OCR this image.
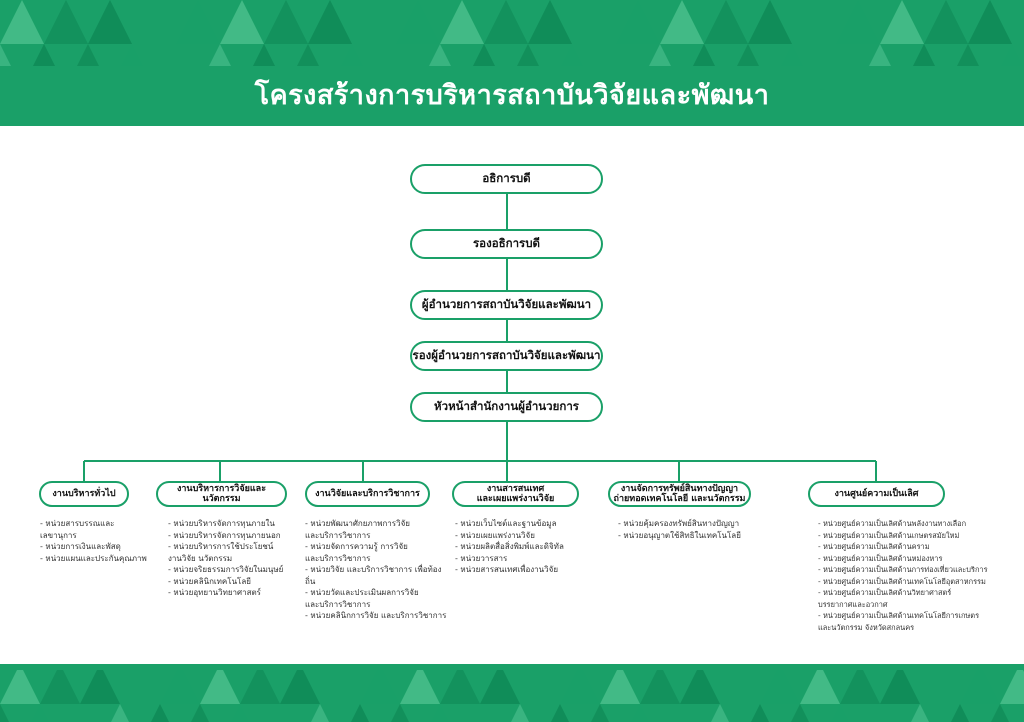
โครงสร้างการบริหารสถาบันวิจัยและพัฒนา
อธิการบดี
รองอธิการบดี
ผู้อำนวยการสถาบันวิจัยและพัฒนา
รองผู้อำนวยการสถาบันวิจัยและพัฒนา
หัวหน้าสำนักงานผู้อำนวยการ
งานบริหารทั่วไป	งานบริหารการวิจัยและนวัตกรรม	งานวิจัยและบริการวิชาการ	งานสารสนเทศ
และเผยแพร่งานวิจัย
งานจัดการทรัพย์สินทางปัญญา
ถ่ายทอดเทคโนโลยี และนวัตกรรม	งานศูนย์ความเป็นเลิศ
- หน่วยสารบรรณและเลขานุการ
- หน่วยการเงินและพัสดุ
- หน่วยแผนและประกันคุณภาพ
- หน่วยบริหารจัดการทุนภายใน
- หน่วยบริหารจัดการทุนภายนอก
- หน่วยบริหารการใช้ประโยชน์
งานวิจัย นวัตกรรม
- หน่วยจริยธรรมการวิจัยในมนุษย์
- หน่วยคลินิกเทคโนโลยี
- หน่วยอุทยานวิทยาศาสตร์
- หน่วยพัฒนาศักยภาพการวิจัย
และบริการวิชาการ
- หน่วยจัดการความรู้ การวิจัย
และบริการวิชาการ
- หน่วยวิจัย และบริการวิชาการ เพื่อท้องถิ่น
- หน่วยวัดและประเมินผลการวิจัย
และบริการวิชาการ
- หน่วยคลินิกการวิจัย และบริการวิชาการ
- หน่วยเว็บไซต์และฐานข้อมูล
- หน่วยเผยแพร่งานวิจัย
- หน่วยผลิตสื่อสิ่งพิมพ์และดิจิทัล
- หน่วยวารสาร
- หน่วยสารสนเทศเพื่องานวิจัย
- หน่วยคุ้มครองทรัพย์สินทางปัญญา
- หน่วยอนุญาตใช้สิทธิในเทคโนโลยี
- หน่วยศูนย์ความเป็นเลิศด้านพลังงานทางเลือก
- หน่วยศูนย์ความเป็นเลิศด้านเกษตรสมัยใหม่
- หน่วยศูนย์ความเป็นเลิศด้านคราม
- หน่วยศูนย์ความเป็นเลิศด้านหม่องหาร
- หน่วยศูนย์ความเป็นเลิศด้านการท่องเที่ยวและบริการ
- หน่วยศูนย์ความเป็นเลิศด้านเทคโนโลยีอุตสาหกรรม
- หน่วยศูนย์ความเป็นเลิศด้านวิทยาศาสตร์
บรรยากาศและอวกาศ
- หน่วยศูนย์ความเป็นเลิศด้านเทคโนโลยีการเกษตร
และนวัตกรรม จังหวัดสกลนคร
